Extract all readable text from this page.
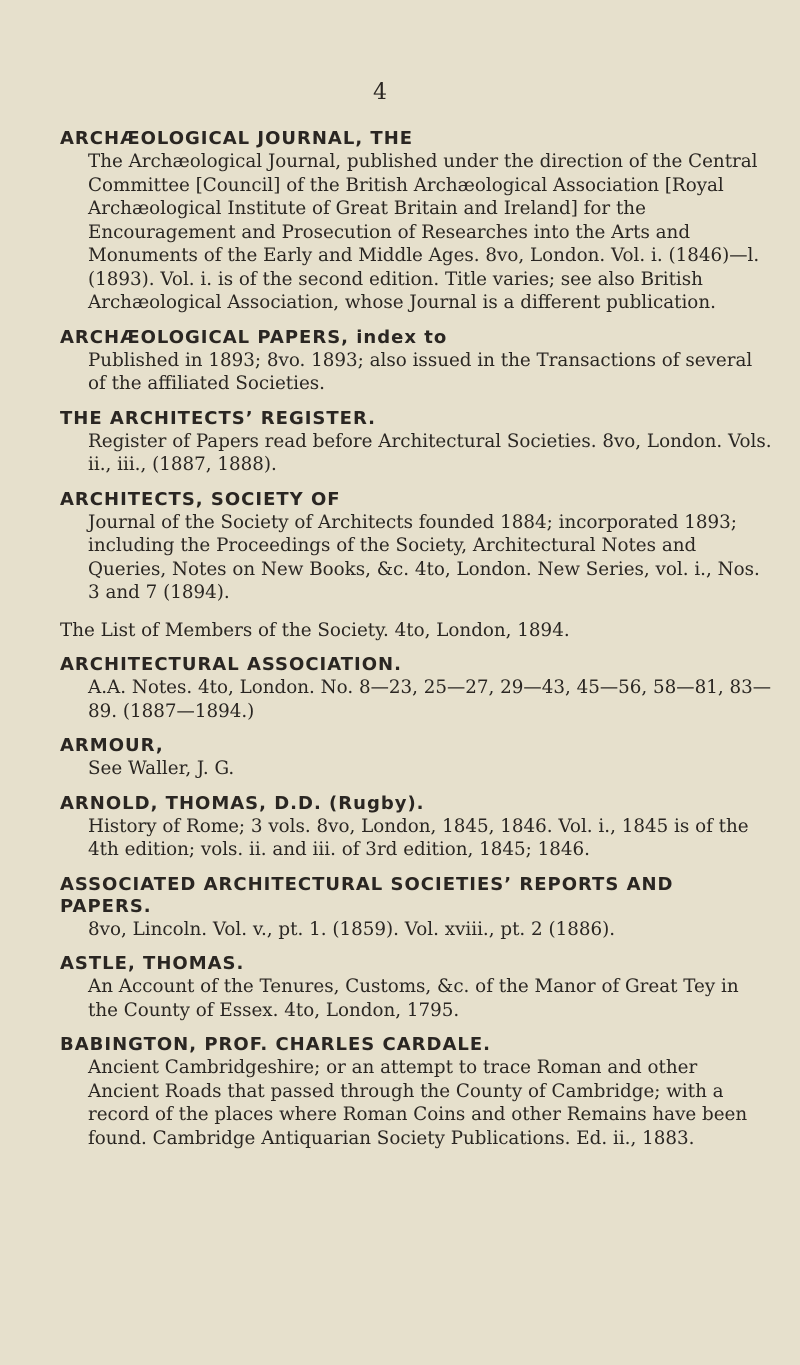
4
ARCHÆOLOGICAL JOURNAL, THE
The Archæological Journal, published under the direction of the Central Committee [Council] of the British Archæological Association [Royal Archæological Institute of Great Britain and Ireland] for the Encouragement and Prosecution of Researches into the Arts and Monuments of the Early and Middle Ages. 8vo, London. Vol. i. (1846)—l. (1893). Vol. i. is of the second edition. Title varies; see also British Archæological Association, whose Journal is a different publication.
ARCHÆOLOGICAL PAPERS, index to
Published in 1893; 8vo. 1893; also issued in the Transactions of several of the affiliated Societies.
THE ARCHITECTS’ REGISTER.
Register of Papers read before Architectural Societies. 8vo, London. Vols. ii., iii., (1887, 1888).
ARCHITECTS, SOCIETY OF
Journal of the Society of Architects founded 1884; incorporated 1893; including the Proceedings of the Society, Architectural Notes and Queries, Notes on New Books, &c. 4to, London. New Series, vol. i., Nos. 3 and 7 (1894).
The List of Members of the Society. 4to, London, 1894.
ARCHITECTURAL ASSOCIATION.
A.A. Notes. 4to, London. No. 8—23, 25—27, 29—43, 45—56, 58—81, 83—89. (1887—1894.)
ARMOUR,
See Waller, J. G.
ARNOLD, THOMAS, D.D. (Rugby).
History of Rome; 3 vols. 8vo, London, 1845, 1846. Vol. i., 1845 is of the 4th edition; vols. ii. and iii. of 3rd edition, 1845; 1846.
ASSOCIATED ARCHITECTURAL SOCIETIES’ REPORTS AND PAPERS.
8vo, Lincoln. Vol. v., pt. 1. (1859). Vol. xviii., pt. 2 (1886).
ASTLE, THOMAS.
An Account of the Tenures, Customs, &c. of the Manor of Great Tey in the County of Essex. 4to, London, 1795.
BABINGTON, PROF. CHARLES CARDALE.
Ancient Cambridgeshire; or an attempt to trace Roman and other Ancient Roads that passed through the County of Cambridge; with a record of the places where Roman Coins and other Remains have been found. Cambridge Antiquarian Society Publications. Ed. ii., 1883.
